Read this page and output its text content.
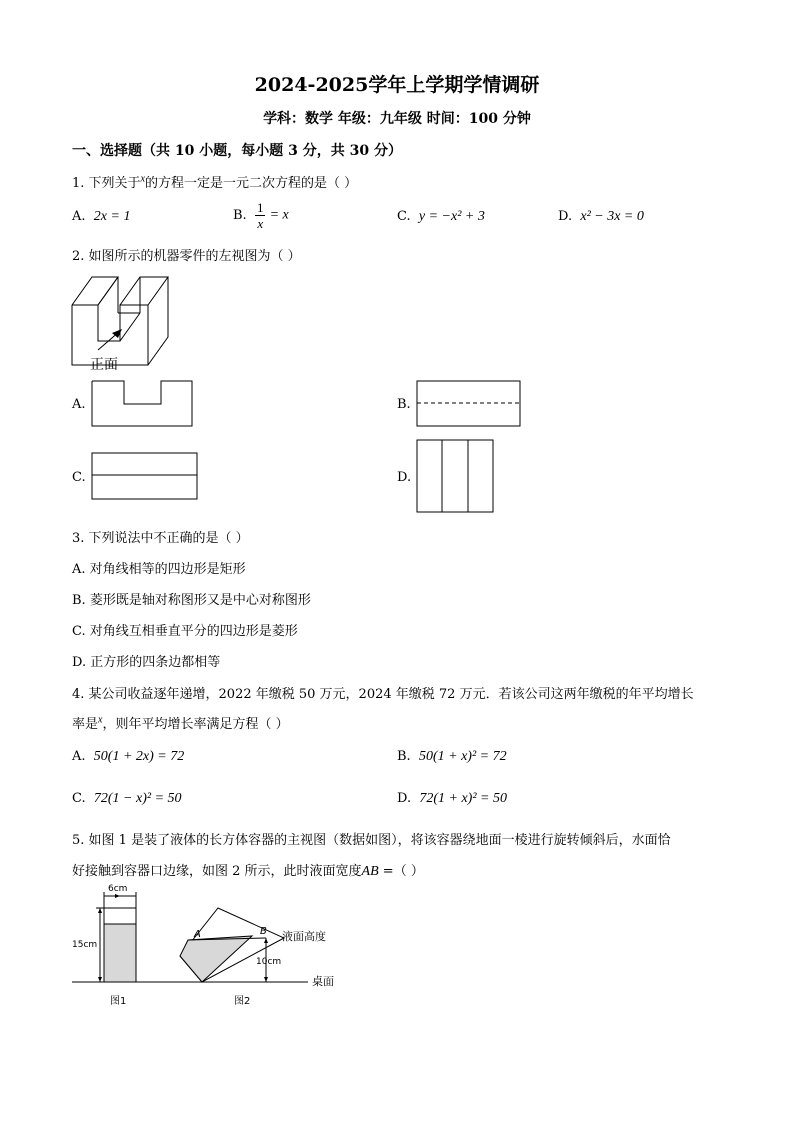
2024-2025学年上学期学情调研
学科：数学 年级：九年级 时间：100 分钟
一、选择题（共 10 小题，每小题 3 分，共 30 分）
1. 下列关于$^x$的方程一定是一元二次方程的是（ ）
A. 2x = 1	B. $\frac{1}{x} = x$	C. y = −x² + 3	D. x² − 3x = 0
2. 如图所示的机器零件的左视图为（ ）
正面
A.	B.
C.	D.
3. 下列说法中不正确的是（ ）
A. 对角线相等的四边形是矩形
B. 菱形既是轴对称图形又是中心对称图形
C. 对角线互相垂直平分的四边形是菱形
D. 正方形的四条边都相等
4. 某公司收益逐年递增，2022 年缴税 50 万元，2024 年缴税 72 万元．若该公司这两年缴税的年平均增长
率是$^x$，则年平均增长率满足方程（ ）
A. 50(1 + 2x) = 72	B. 50(1 + x)² = 72
C. 72(1 − x)² = 50	D. 72(1 + x)² = 50
5. 如图 1 是装了液体的长方体容器的主视图（数据如图），将该容器绕地面一棱进行旋转倾斜后，水面恰
好接触到容器口边缘，如图 2 所示，此时液面宽度AB =（ ）
6cm
15cm
10cm
A	B 液面高度
桌面
图1	图2
